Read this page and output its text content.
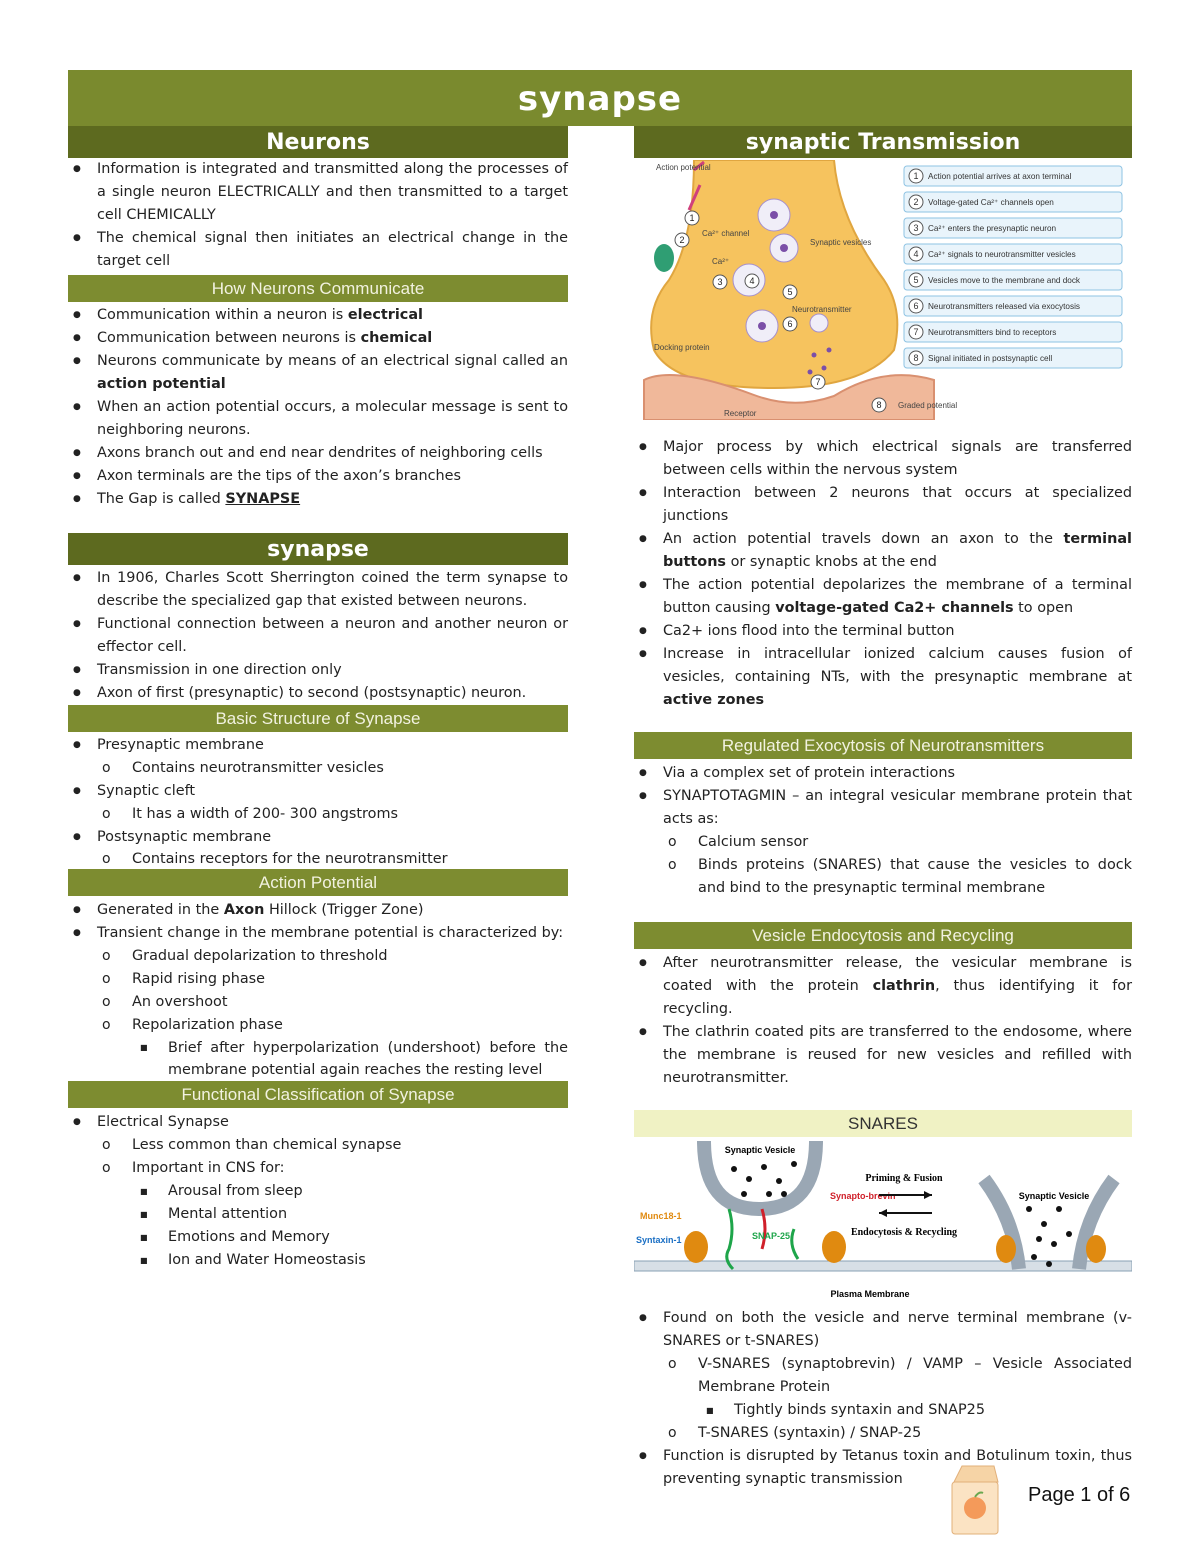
synapse
Neurons
● Information is integrated and transmitted along the processes of a single neuron ELECTRICALLY and then transmitted to a target cell CHEMICALLY
● The chemical signal then initiates an electrical change in the target cell
How Neurons Communicate
● Communication within a neuron is electrical
● Communication between neurons is chemical
● Neurons communicate by means of an electrical signal called an action potential
● When an action potential occurs, a molecular message is sent to neighboring neurons.
● Axons branch out and end near dendrites of neighboring cells
● Axon terminals are the tips of the axon’s branches
● The Gap is called SYNAPSE
synapse
● In 1906, Charles Scott Sherrington coined the term synapse to describe the specialized gap that existed between neurons.
● Functional connection between a neuron and another neuron or effector cell.
● Transmission in one direction only
● Axon of first (presynaptic) to second (postsynaptic) neuron.
Basic Structure of Synapse
● Presynaptic membrane
o Contains neurotransmitter vesicles
● Synaptic cleft
o It has a width of 200- 300 angstroms
● Postsynaptic membrane
o Contains receptors for the neurotransmitter
Action Potential
● Generated in the Axon Hillock (Trigger Zone)
● Transient change in the membrane potential is characterized by:
o Gradual depolarization to threshold
o Rapid rising phase
o An overshoot
o Repolarization phase
■ Brief after hyperpolarization (undershoot) before the membrane potential again reaches the resting level
Functional Classification of Synapse
● Electrical Synapse
o Less common than chemical synapse
o Important in CNS for:
■ Arousal from sleep
■ Mental attention
■ Emotions and Memory
■ Ion and Water Homeostasis
synaptic Transmission
1
2
3	4
5
6
7
8
Action potential
Ca²⁺ channel
Ca²⁺
Synaptic vesicles
Neurotransmitter
Docking protein
Receptor
Graded potential
1
2
3
4
5
6
7
8
Action potential arrives at axon terminal
Voltage-gated Ca²⁺ channels open
Ca²⁺ enters the presynaptic neuron
Ca²⁺ signals to neurotransmitter vesicles
Vesicles move to the membrane and dock
Neurotransmitters released via exocytosis
Neurotransmitters bind to receptors
Signal initiated in postsynaptic cell
● Major process by which electrical signals are transferred between cells within the nervous system
● Interaction between 2 neurons that occurs at specialized junctions
● An action potential travels down an axon to the terminal buttons or synaptic knobs at the end
● The action potential depolarizes the membrane of a terminal button causing voltage-gated Ca2+ channels to open
● Ca2+ ions flood into the terminal button
● Increase in intracellular ionized calcium causes fusion of vesicles, containing NTs, with the presynaptic membrane at active zones
Regulated Exocytosis of Neurotransmitters
● Via a complex set of protein interactions
● SYNAPTOTAGMIN – an integral vesicular membrane protein that acts as:
o Calcium sensor
o Binds proteins (SNARES) that cause the vesicles to dock and bind to the presynaptic terminal membrane
Vesicle Endocytosis and Recycling
● After neurotransmitter release, the vesicular membrane is coated with the protein clathrin, thus identifying it for recycling.
● The clathrin coated pits are transferred to the endosome, where the membrane is reused for new vesicles and refilled with neurotransmitter.
SNARES
Synaptic Vesicle
Synapto-brevin
Plasma Membrane
Munc18-1
Syntaxin-1	SNAP-25
Priming & Fusion
Endocytosis & Recycling
Synaptic Vesicle
● Found on both the vesicle and nerve terminal membrane (v-SNARES or t-SNARES)
o V-SNARES (synaptobrevin) / VAMP – Vesicle Associated Membrane Protein
■ Tightly binds syntaxin and SNAP25
o T-SNARES (syntaxin) / SNAP-25
● Function is disrupted by Tetanus toxin and Botulinum toxin, thus preventing synaptic transmission
Page 1 of 6
